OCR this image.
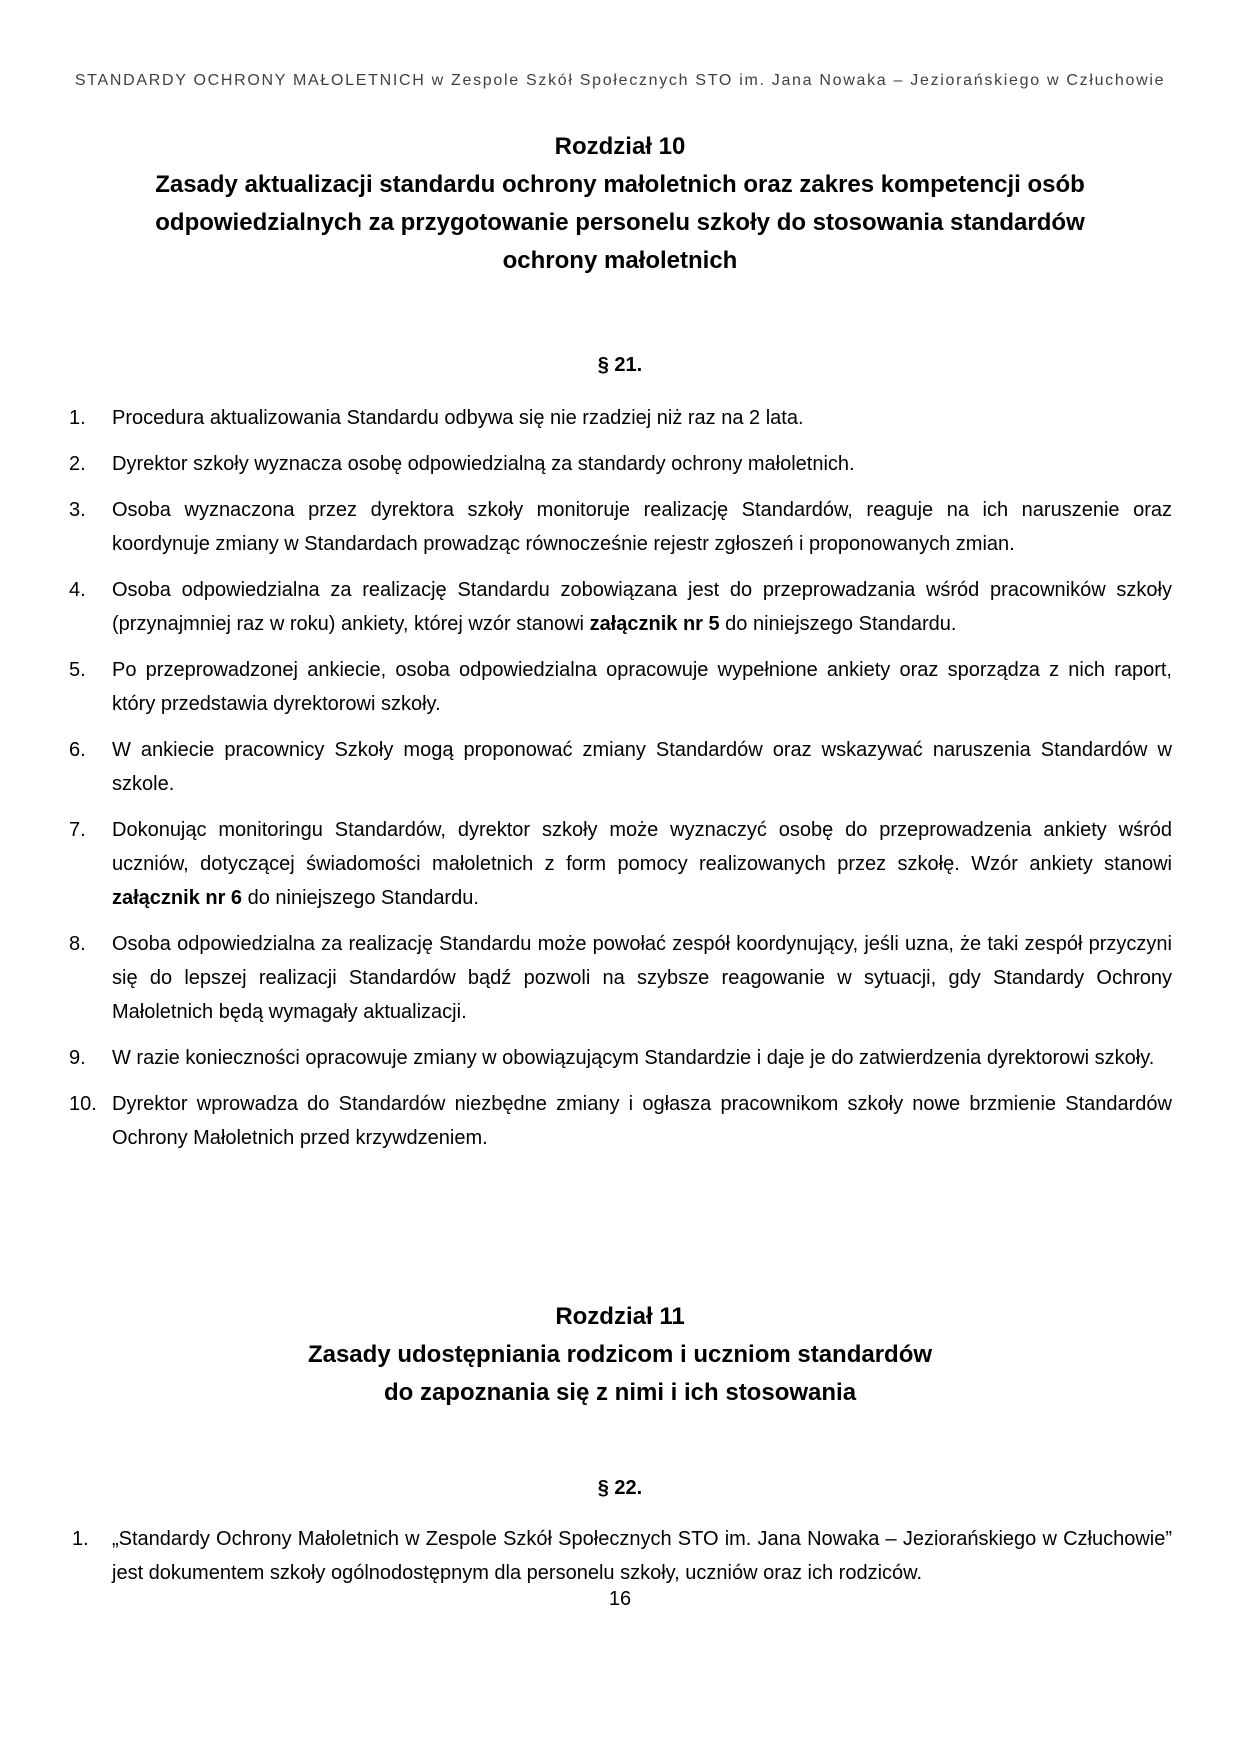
STANDARDY OCHRONY MAŁOLETNICH w Zespole Szkół Społecznych STO im. Jana Nowaka – Jeziorańskiego w Człuchowie
Rozdział 10
Zasady aktualizacji standardu ochrony małoletnich oraz zakres kompetencji osób
odpowiedzialnych za przygotowanie personelu szkoły do stosowania standardów
ochrony małoletnich
§ 21.
1. Procedura aktualizowania Standardu odbywa się nie rzadziej niż raz na 2 lata.
2. Dyrektor szkoły wyznacza osobę odpowiedzialną za standardy ochrony małoletnich.
3. Osoba wyznaczona przez dyrektora szkoły monitoruje realizację Standardów, reaguje na ich naruszenie oraz koordynuje zmiany w Standardach prowadząc równocześnie rejestr zgłoszeń i proponowanych zmian.
4. Osoba odpowiedzialna za realizację Standardu zobowiązana jest do przeprowadzania wśród pracowników szkoły (przynajmniej raz w roku) ankiety, której wzór stanowi załącznik nr 5 do niniejszego Standardu.
5. Po przeprowadzonej ankiecie, osoba odpowiedzialna opracowuje wypełnione ankiety oraz sporządza z nich raport, który przedstawia dyrektorowi szkoły.
6. W ankiecie pracownicy Szkoły mogą proponować zmiany Standardów oraz wskazywać naruszenia Standardów w szkole.
7. Dokonując monitoringu Standardów, dyrektor szkoły może wyznaczyć osobę do przeprowadzenia ankiety wśród uczniów, dotyczącej świadomości małoletnich z form pomocy realizowanych przez szkołę. Wzór ankiety stanowi załącznik nr 6 do niniejszego Standardu.
8. Osoba odpowiedzialna za realizację Standardu może powołać zespół koordynujący, jeśli uzna, że taki zespół przyczyni się do lepszej realizacji Standardów bądź pozwoli na szybsze reagowanie w sytuacji, gdy Standardy Ochrony Małoletnich będą wymagały aktualizacji.
9. W razie konieczności opracowuje zmiany w obowiązującym Standardzie i daje je do zatwierdzenia dyrektorowi szkoły.
10. Dyrektor wprowadza do Standardów niezbędne zmiany i ogłasza pracownikom szkoły nowe brzmienie Standardów Ochrony Małoletnich przed krzywdzeniem.
Rozdział 11
Zasady udostępniania rodzicom i uczniom standardów
do zapoznania się z nimi i ich stosowania
§ 22.
1. „Standardy Ochrony Małoletnich w Zespole Szkół Społecznych STO im. Jana Nowaka – Jeziorańskiego w Człuchowie” jest dokumentem szkoły ogólnodostępnym dla personelu szkoły, uczniów oraz ich rodziców.
16
